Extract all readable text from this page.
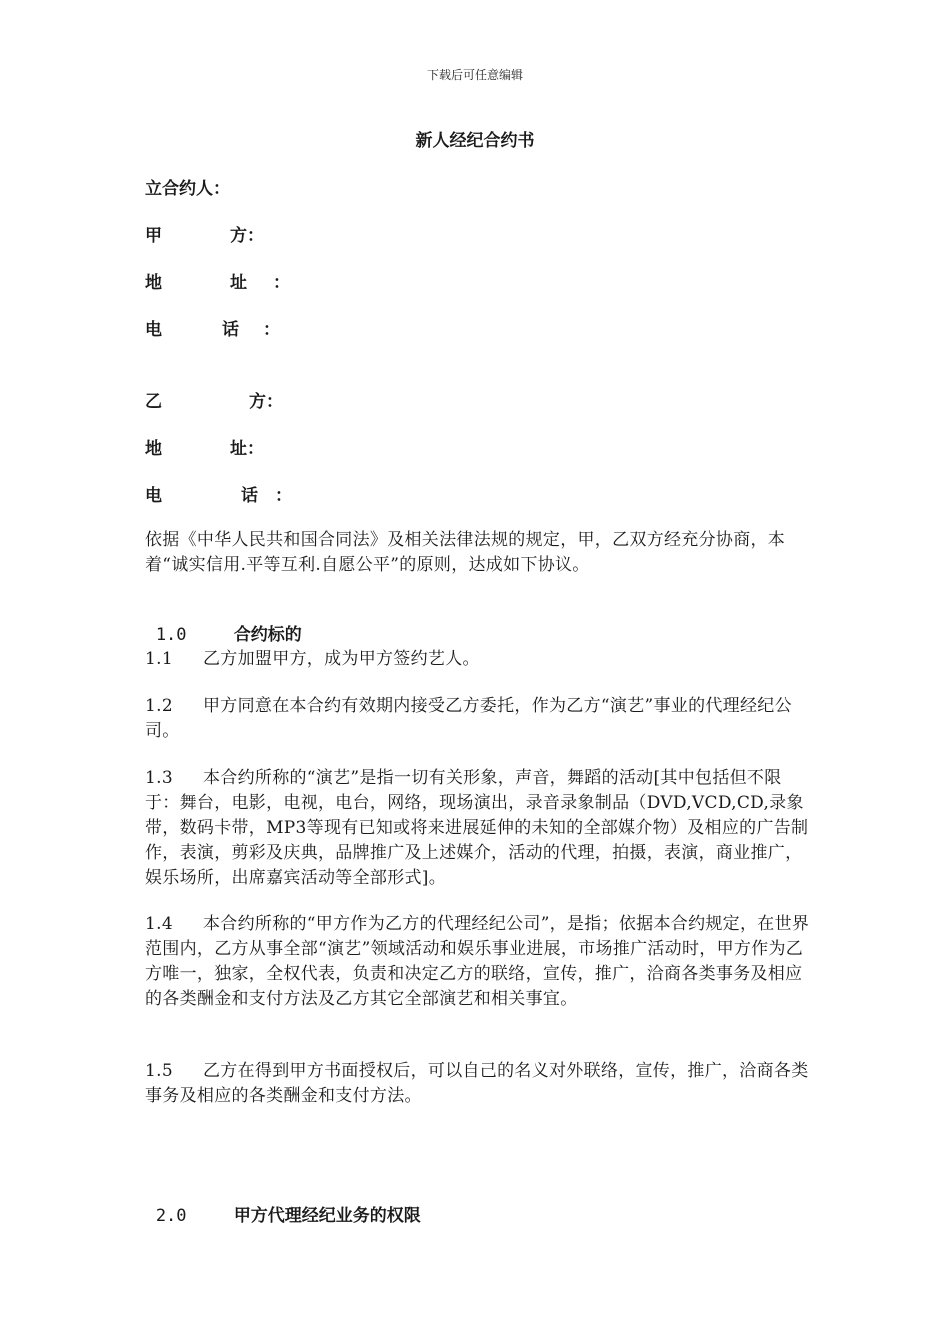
下载后可任意编辑
新人经纪合约书

立合约人：

甲

	方：

地

	址

：

电

	话

：

乙

	方：

地

	址：

电

	话

：

依据《中华人民共和国合同法》及相关法律法规的规定，甲，乙双方经充分协商，本着“诚实信用.平等互利.自愿公平”的原则，达成如下协议。

1.0	合约标的

1.1 乙方加盟甲方，成为甲方签约艺人。
1.2 甲方同意在本合约有效期内接受乙方委托，作为乙方“演艺”事业的代理经纪公司。
1.3 本合约所称的“演艺”是指一切有关形象，声音，舞蹈的活动[其中包括但不限于：舞台，电影，电视，电台，网络，现场演出，录音录象制品（DVD,VCD,CD,录象带，数码卡带，MP3等现有已知或将来进展延伸的未知的全部媒介物）及相应的广告制作，表演，剪彩及庆典，品牌推广及上述媒介，活动的代理，拍摄，表演，商业推广，娱乐场所，出席嘉宾活动等全部形式]。
1.4 本合约所称的“甲方作为乙方的代理经纪公司”，是指；依据本合约规定，在世界范围内，乙方从事全部“演艺”领域活动和娱乐事业进展，市场推广活动时，甲方作为乙方唯一，独家，全权代表，负责和决定乙方的联络，宣传，推广，洽商各类事务及相应的各类酬金和支付方法及乙方其它全部演艺和相关事宜。
1.5 乙方在得到甲方书面授权后，可以自己的名义对外联络，宣传，推广，洽商各类事务及相应的各类酬金和支付方法。

2.0	甲方代理经纪业务的权限
